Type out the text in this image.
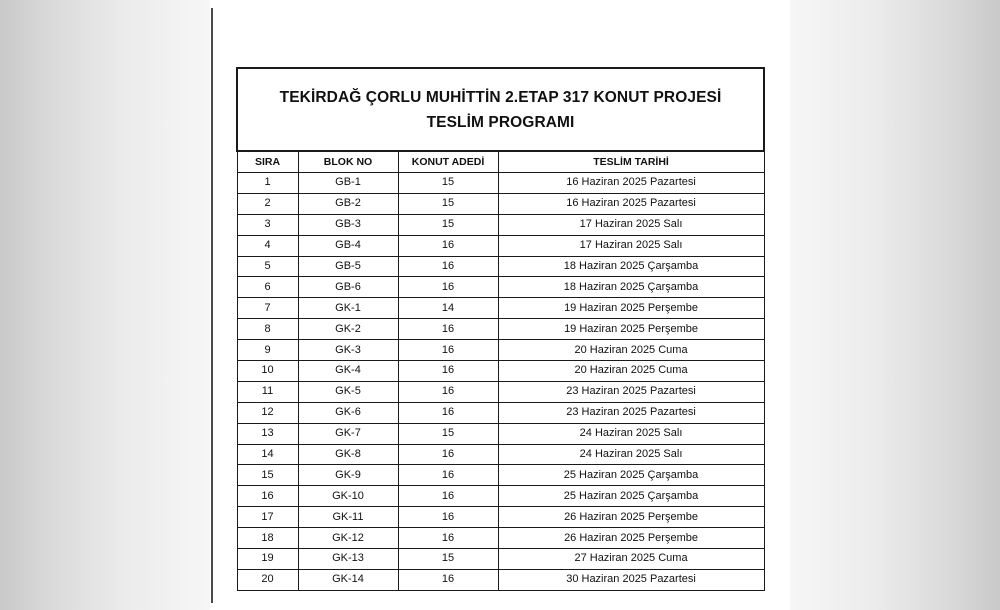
TEKİRDAĞ ÇORLU MUHİTTİN 2.ETAP 317 KONUT PROJESİ
TESLİM PROGRAMI			

SIRA	BLOK NO	KONUT ADEDİ	TESLİM TARİHİ
1	GB-1	15	16 Haziran 2025 Pazartesi
2	GB-2	15	16 Haziran 2025 Pazartesi
3	GB-3	15	17 Haziran 2025 Salı
4	GB-4	16	17 Haziran 2025 Salı
5	GB-5	16	18 Haziran 2025 Çarşamba
6	GB-6	16	18 Haziran 2025 Çarşamba
7	GK-1	14	19 Haziran 2025 Perşembe
8	GK-2	16	19 Haziran 2025 Perşembe
9	GK-3	16	20 Haziran 2025 Cuma
10	GK-4	16	20 Haziran 2025 Cuma
11	GK-5	16	23 Haziran 2025 Pazartesi
12	GK-6	16	23 Haziran 2025 Pazartesi
13	GK-7	15	24 Haziran 2025 Salı
14	GK-8	16	24 Haziran 2025 Salı
15	GK-9	16	25 Haziran 2025 Çarşamba
16	GK-10	16	25 Haziran 2025 Çarşamba
17	GK-11	16	26 Haziran 2025 Perşembe
18	GK-12	16	26 Haziran 2025 Perşembe
19	GK-13	15	27 Haziran 2025 Cuma
20	GK-14	16	30 Haziran 2025 Pazartesi
